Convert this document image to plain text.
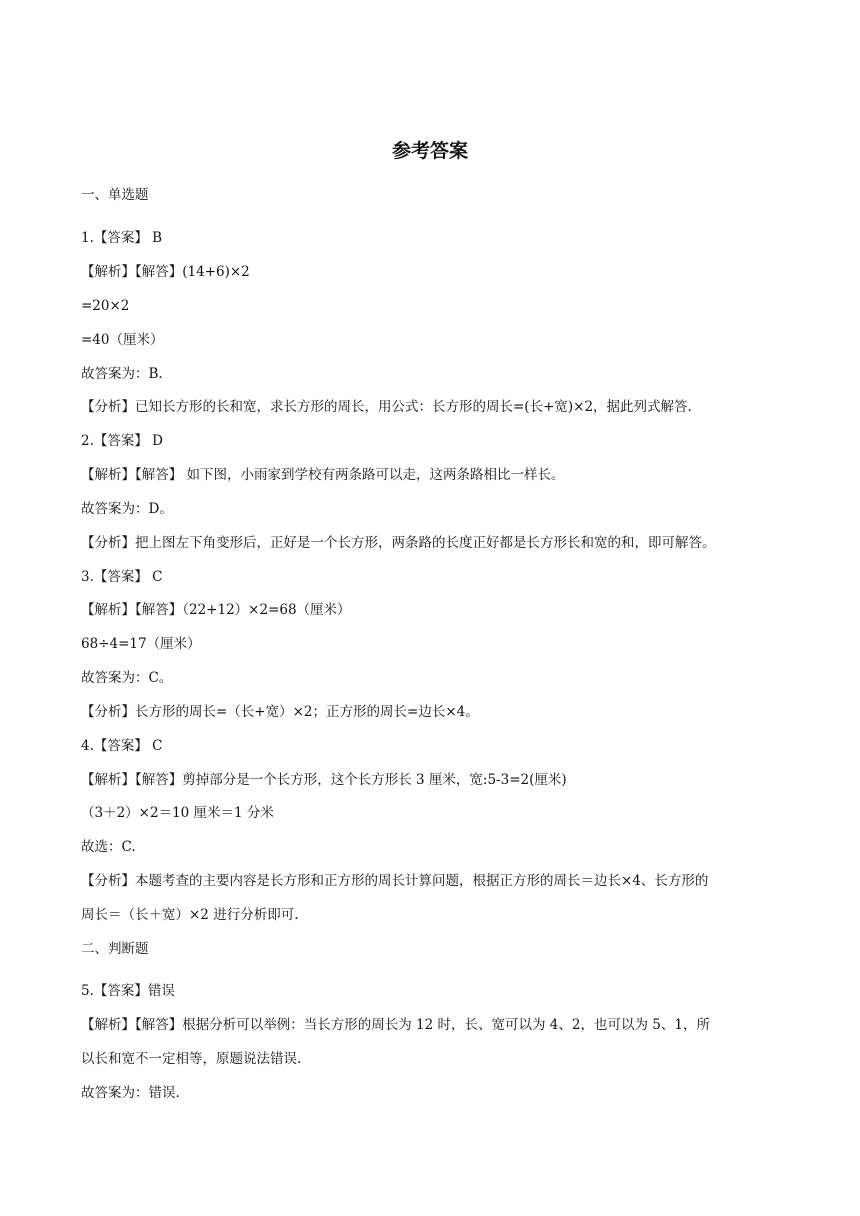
参考答案
一、单选题
1.【答案】 B
【解析】【解答】(14+6)×2
=20×2
=40（厘米）
故答案为：B.
【分析】已知长方形的长和宽，求长方形的周长，用公式：长方形的周长=(长+宽)×2，据此列式解答.
2.【答案】 D
【解析】【解答】 如下图，小雨家到学校有两条路可以走，这两条路相比一样长。
故答案为：D。
【分析】把上图左下角变形后，正好是一个长方形，两条路的长度正好都是长方形长和宽的和，即可解答。
3.【答案】 C
【解析】【解答】（22+12）×2=68（厘米）
68÷4=17（厘米）
故答案为：C。
【分析】长方形的周长=（长+宽）×2；正方形的周长=边长×4。
4.【答案】 C
【解析】【解答】剪掉部分是一个长方形，这个长方形长 3 厘米，宽:5-3=2(厘米)
（3＋2）×2＝10 厘米＝1 分米
故选：C.
【分析】本题考查的主要内容是长方形和正方形的周长计算问题，根据正方形的周长＝边长×4、长方形的
周长＝（长＋宽）×2 进行分析即可.
二、判断题
5.【答案】错误
【解析】【解答】根据分析可以举例：当长方形的周长为 12 时，长、宽可以为 4、2，也可以为 5、1，所
以长和宽不一定相等，原题说法错误.
故答案为：错误.
